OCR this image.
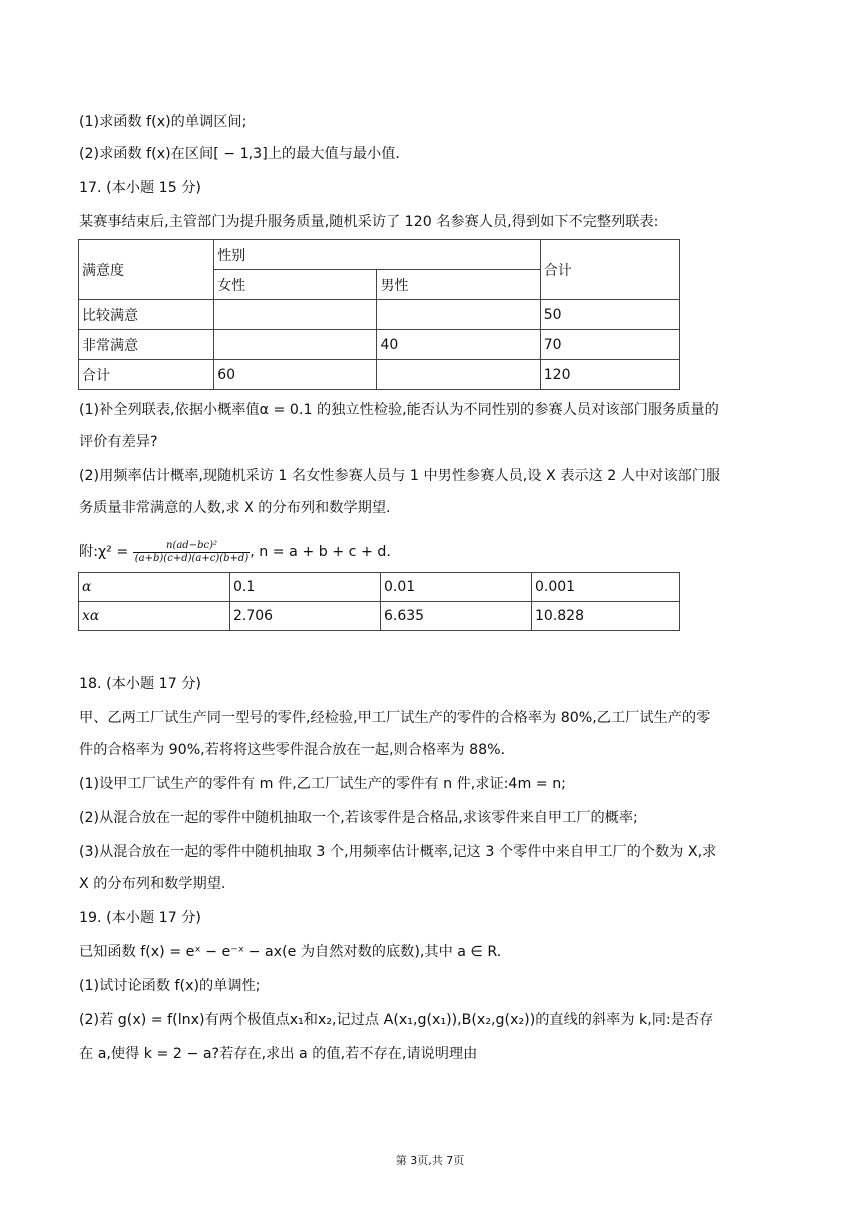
(1)求函数 f(x)的单调区间;
(2)求函数 f(x)在区间[ − 1,3]上的最大值与最小值.
17. (本小题 15 分)
某赛事结束后,主管部门为提升服务质量,随机采访了 120 名参赛人员,得到如下不完整列联表:
满意度	性别		合计
	女性	男性	
比较满意			50
非常满意		40	70
合计	60		120
(1)补全列联表,依据小概率值α = 0.1 的独立性检验,能否认为不同性别的参赛人员对该部门服务质量的
评价有差异?
(2)用频率估计概率,现随机采访 1 名女性参赛人员与 1 中男性参赛人员,设 X 表示这 2 人中对该部门服
务质量非常满意的人数,求 X 的分布列和数学期望.
附:χ² = $\frac{\text{n(ad−bc)²}}{(a+b)(c+d)(a+c)(b+d)}$ , n = a + b + c + d.
α	0.1	0.01	0.001
xα	2.706	6.635	10.828
18. (本小题 17 分)
甲、乙两工厂试生产同一型号的零件,经检验,甲工厂试生产的零件的合格率为 80%,乙工厂试生产的零
件的合格率为 90%,若将将这些零件混合放在一起,则合格率为 88%.
(1)设甲工厂试生产的零件有 m 件,乙工厂试生产的零件有 n 件,求证:4m = n;
(2)从混合放在一起的零件中随机抽取一个,若该零件是合格品,求该零件来自甲工厂的概率;
(3)从混合放在一起的零件中随机抽取 3 个,用频率估计概率,记这 3 个零件中来自甲工厂的个数为 X,求
X 的分布列和数学期望.
19. (本小题 17 分)
已知函数 f(x) = eˣ − e⁻ˣ − ax(e 为自然对数的底数),其中 a ∈ R.
(1)试讨论函数 f(x)的单调性;
(2)若 g(x) = f(lnx)有两个极值点x₁和x₂,记过点 A(x₁,g(x₁)),B(x₂,g(x₂))的直线的斜率为 k,同:是否存
在 a,使得 k = 2 − a?若存在,求出 a 的值,若不存在,请说明理由
第 3页,共 7页
